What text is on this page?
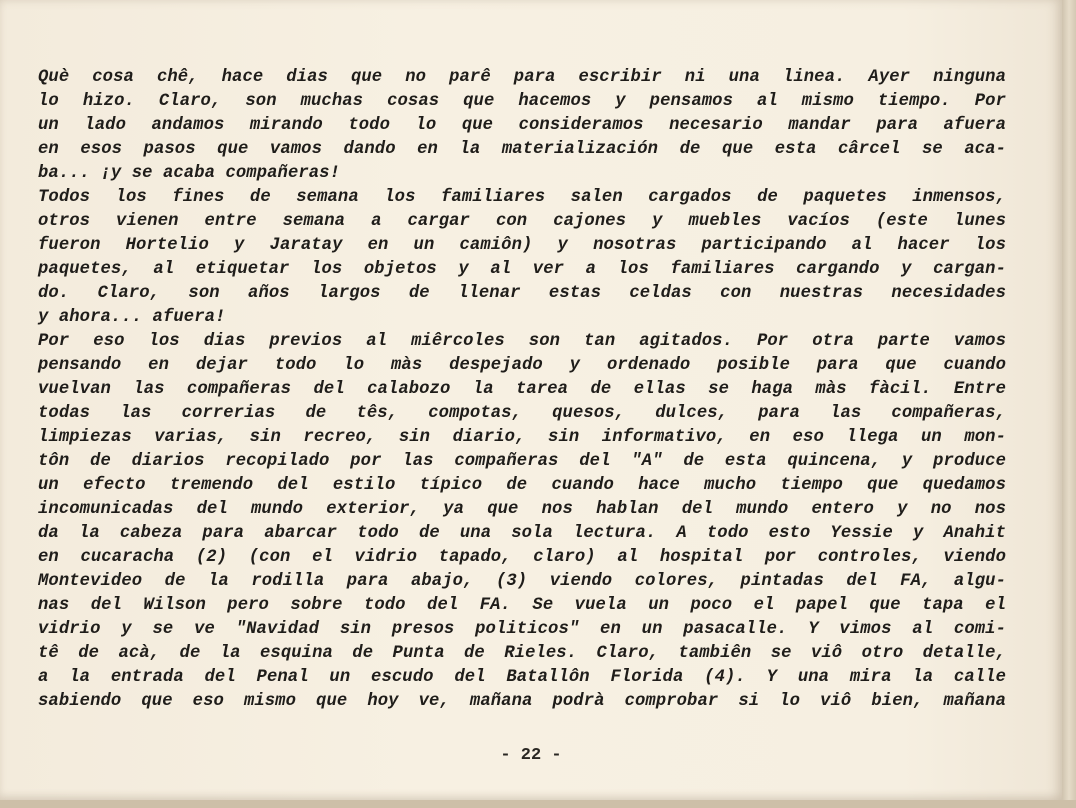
Què cosa chê, hace dias que no parê para escribir ni una linea. Ayer ninguna
lo hizo. Claro, son muchas cosas que hacemos y pensamos al mismo tiempo. Por
un lado andamos mirando todo lo que consideramos necesario mandar para afuera
en esos pasos que vamos dando en la materialización de que esta cârcel se aca-
ba... ¡y se acaba compañeras!
Todos los fines de semana los familiares salen cargados de paquetes inmensos,
otros vienen entre semana a cargar con cajones y muebles vacíos (este lunes
fueron Hortelio y Jaratay en un camiôn) y nosotras participando al hacer los
paquetes, al etiquetar los objetos y al ver a los familiares cargando y cargan-
do. Claro, son años largos de llenar estas celdas con nuestras necesidades
y ahora... afuera!
Por eso los dias previos al miêrcoles son tan agitados. Por otra parte vamos
pensando en dejar todo lo màs despejado y ordenado posible para que cuando
vuelvan las compañeras del calabozo la tarea de ellas se haga màs fàcil. Entre
todas las correrias de tês, compotas, quesos, dulces, para las compañeras,
limpiezas varias, sin recreo, sin diario, sin informativo, en eso llega un mon-
tôn de diarios recopilado por las compañeras del "A" de esta quincena, y produce
un efecto tremendo del estilo típico de cuando hace mucho tiempo que quedamos
incomunicadas del mundo exterior, ya que nos hablan del mundo entero y no nos
da la cabeza para abarcar todo de una sola lectura. A todo esto Yessie y Anahit
en cucaracha (2) (con el vidrio tapado, claro) al hospital por controles, viendo
Montevideo de la rodilla para abajo, (3) viendo colores, pintadas del FA, algu-
nas del Wilson pero sobre todo del FA. Se vuela un poco el papel que tapa el
vidrio y se ve "Navidad sin presos politicos" en un pasacalle. Y vimos al comi-
tê de acà, de la esquina de Punta de Rieles. Claro, tambiên se viô otro detalle,
a la entrada del Penal un escudo del Batallôn Florida (4). Y una mira la calle
sabiendo que eso mismo que hoy ve, mañana podrà comprobar si lo viô bien, mañana
- 22 -
